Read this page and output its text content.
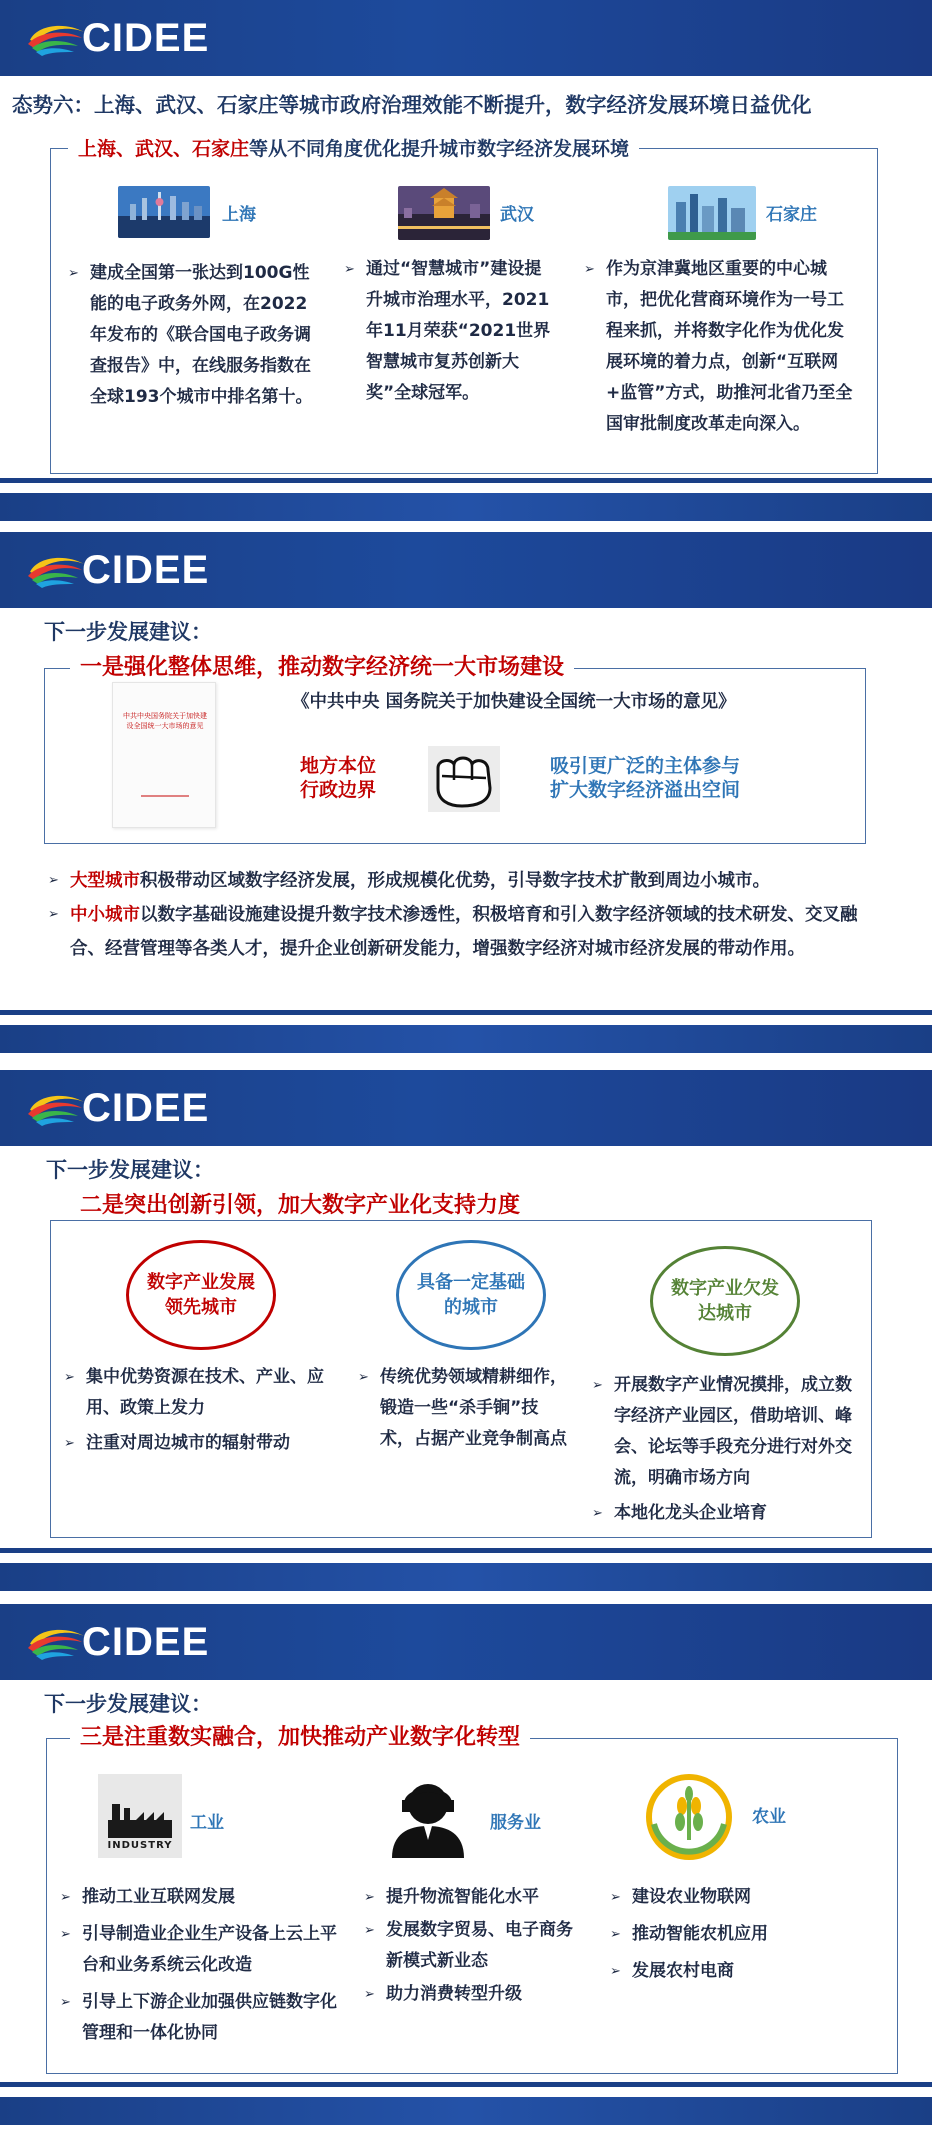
CIDEE
态势六：上海、武汉、石家庄等城市政府治理效能不断提升，数字经济发展环境日益优化
上海、武汉、石家庄等从不同角度优化提升城市数字经济发展环境
上海	武汉	石家庄
➢ 建成全国第一张达到100G性能的电子政务外网，在2022年发布的《联合国电子政务调查报告》中，在线服务指数在全球193个城市中排名第十。
➢ 通过“智慧城市”建设提升城市治理水平，2021年11月荣获“2021世界智慧城市复苏创新大奖”全球冠军。
➢ 作为京津冀地区重要的中心城市，把优化营商环境作为一号工程来抓，并将数字化作为优化发展环境的着力点，创新“互联网+监管”方式，助推河北省乃至全国审批制度改革走向深入。
CIDEE
下一步发展建议：
一是强化整体思维，推动数字经济统一大市场建设
中共中央国务院关于加快建设全国统一大市场的意见
《中共中央 国务院关于加快建设全国统一大市场的意见》
地方本位
行政边界
吸引更广泛的主体参与
扩大数字经济溢出空间
➢ 大型城市积极带动区域数字经济发展，形成规模化优势，引导数字技术扩散到周边小城市。
➢ 中小城市以数字基础设施建设提升数字技术渗透性，积极培育和引入数字经济领域的技术研发、交叉融合、经营管理等各类人才，提升企业创新研发能力，增强数字经济对城市经济发展的带动作用。
CIDEE
下一步发展建议：
二是突出创新引领，加大数字产业化支持力度
数字产业发展领先城市
具备一定基础的城市
数字产业欠发达城市
➢ 集中优势资源在技术、产业、应用、政策上发力
➢ 注重对周边城市的辐射带动
➢ 传统优势领域精耕细作，锻造一些“杀手锏”技术，占据产业竞争制高点
➢ 开展数字产业情况摸排，成立数字经济产业园区，借助培训、峰会、论坛等手段充分进行对外交流，明确市场方向
➢ 本地化龙头企业培育
CIDEE
下一步发展建议：
三是注重数实融合，加快推动产业数字化转型
INDUSTRY
工业	服务业	农业
➢ 推动工业互联网发展
➢ 引导制造业企业生产设备上云上平台和业务系统云化改造
➢ 引导上下游企业加强供应链数字化管理和一体化协同
➢ 提升物流智能化水平
➢ 发展数字贸易、电子商务新模式新业态
➢ 助力消费转型升级
➢ 建设农业物联网
➢ 推动智能农机应用
➢ 发展农村电商
